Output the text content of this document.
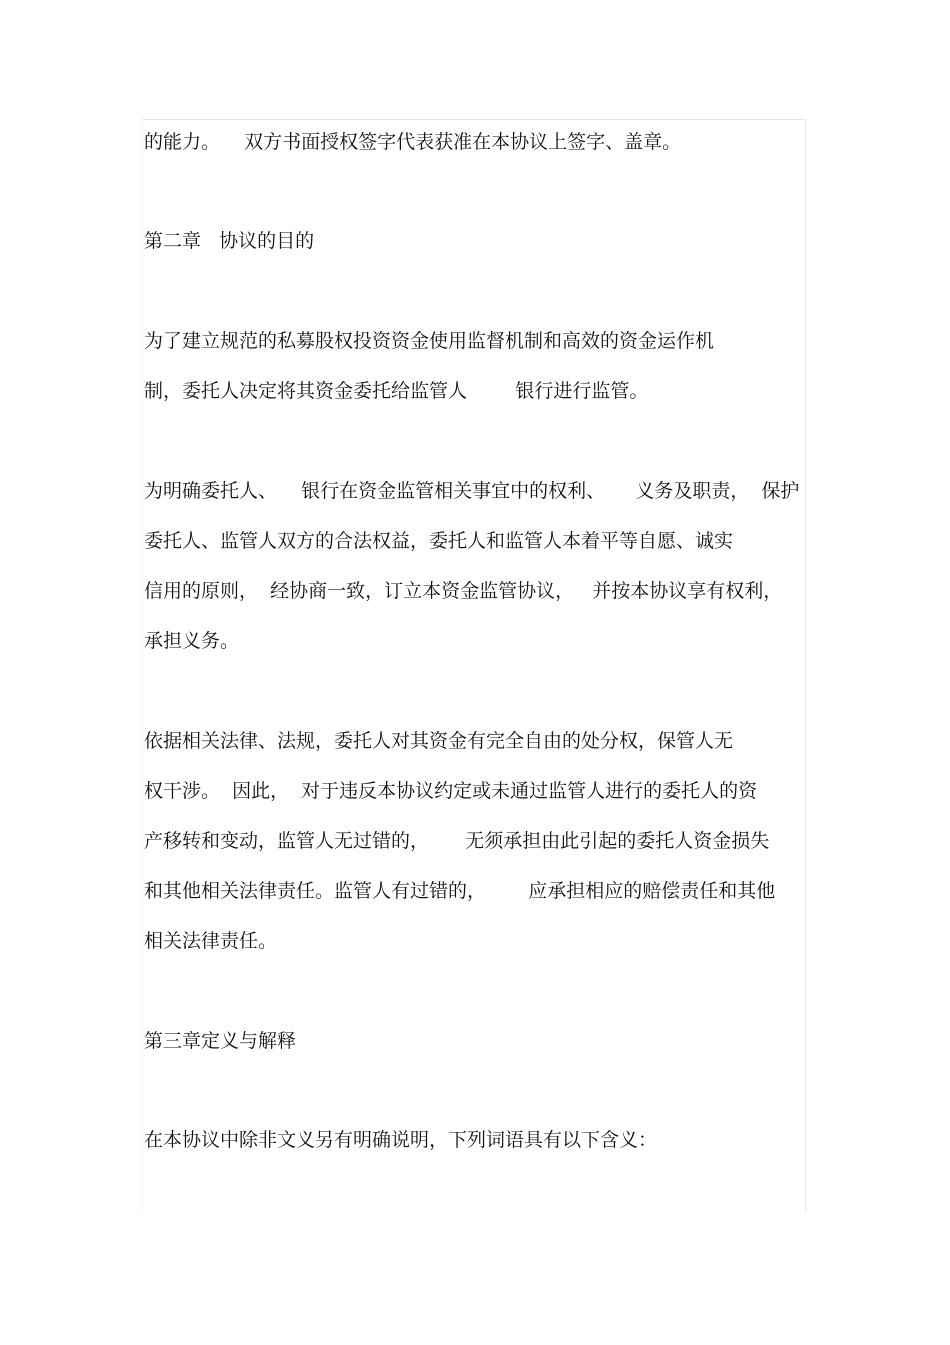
的能力。    双方书面授权签字代表获准在本协议上签字、盖章。
第二章   协议的目的
为了建立规范的私募股权投资资金使用监督机制和高效的资金运作机
制，委托人决定将其资金委托给监管人        银行进行监管。
为明确委托人、    银行在资金监管相关事宜中的权利、     义务及职责，  保护
委托人、监管人双方的合法权益，委托人和监管人本着平等自愿、诚实
信用的原则，  经协商一致，订立本资金监管协议，   并按本协议享有权利，
承担义务。
依据相关法律、法规，委托人对其资金有完全自由的处分权，保管人无
权干涉。  因此，  对于违反本协议约定或未通过监管人进行的委托人的资
产移转和变动，监管人无过错的，      无须承担由此引起的委托人资金损失
和其他相关法律责任。监管人有过错的，       应承担相应的赔偿责任和其他
相关法律责任。
第三章定义与解释
在本协议中除非文义另有明确说明，下列词语具有以下含义：
